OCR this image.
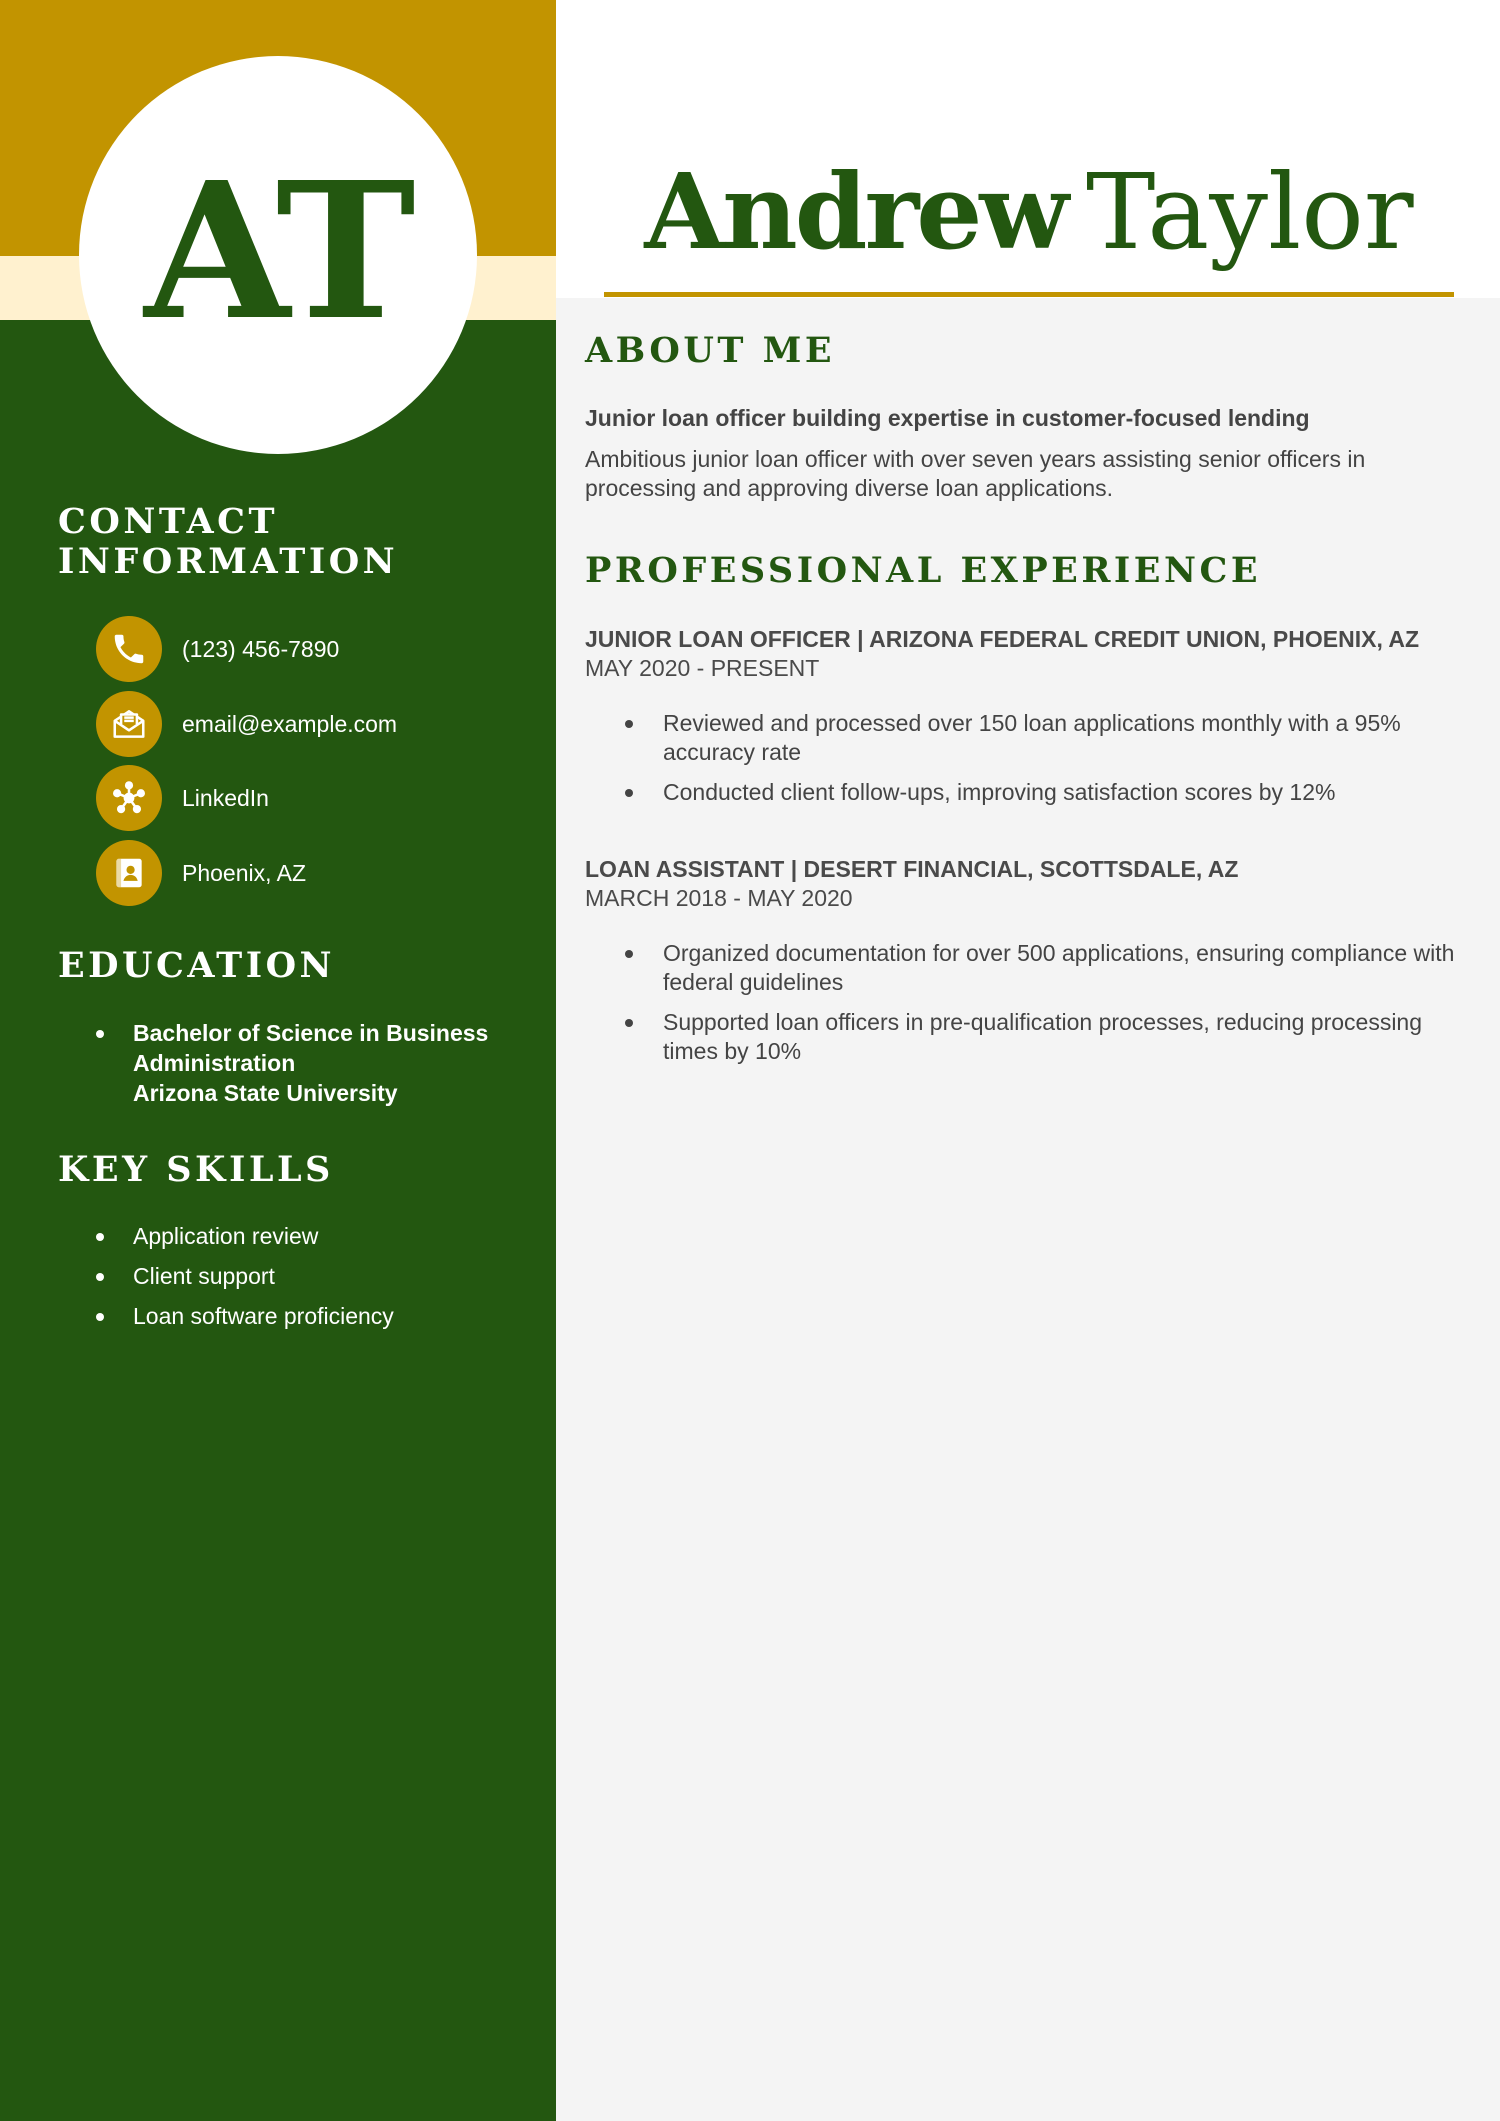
AT
CONTACT
INFORMATION
(123) 456-7890
email@example.com
LinkedIn
Phoenix, AZ
EDUCATION
Bachelor of Science in Business Administration
Arizona State University
KEY SKILLS
Application review
Client support
Loan software proficiency
Andrew Taylor
ABOUT ME
Junior loan officer building expertise in customer-focused lending
Ambitious junior loan officer with over seven years assisting senior officers in processing and approving diverse loan applications.
PROFESSIONAL EXPERIENCE
JUNIOR LOAN OFFICER | ARIZONA FEDERAL CREDIT UNION, PHOENIX, AZ
MAY 2020 - PRESENT
Reviewed and processed over 150 loan applications monthly with a 95% accuracy rate
Conducted client follow-ups, improving satisfaction scores by 12%
LOAN ASSISTANT | DESERT FINANCIAL, SCOTTSDALE, AZ
MARCH 2018 - MAY 2020
Organized documentation for over 500 applications, ensuring compliance with federal guidelines
Supported loan officers in pre-qualification processes, reducing processing times by 10%
